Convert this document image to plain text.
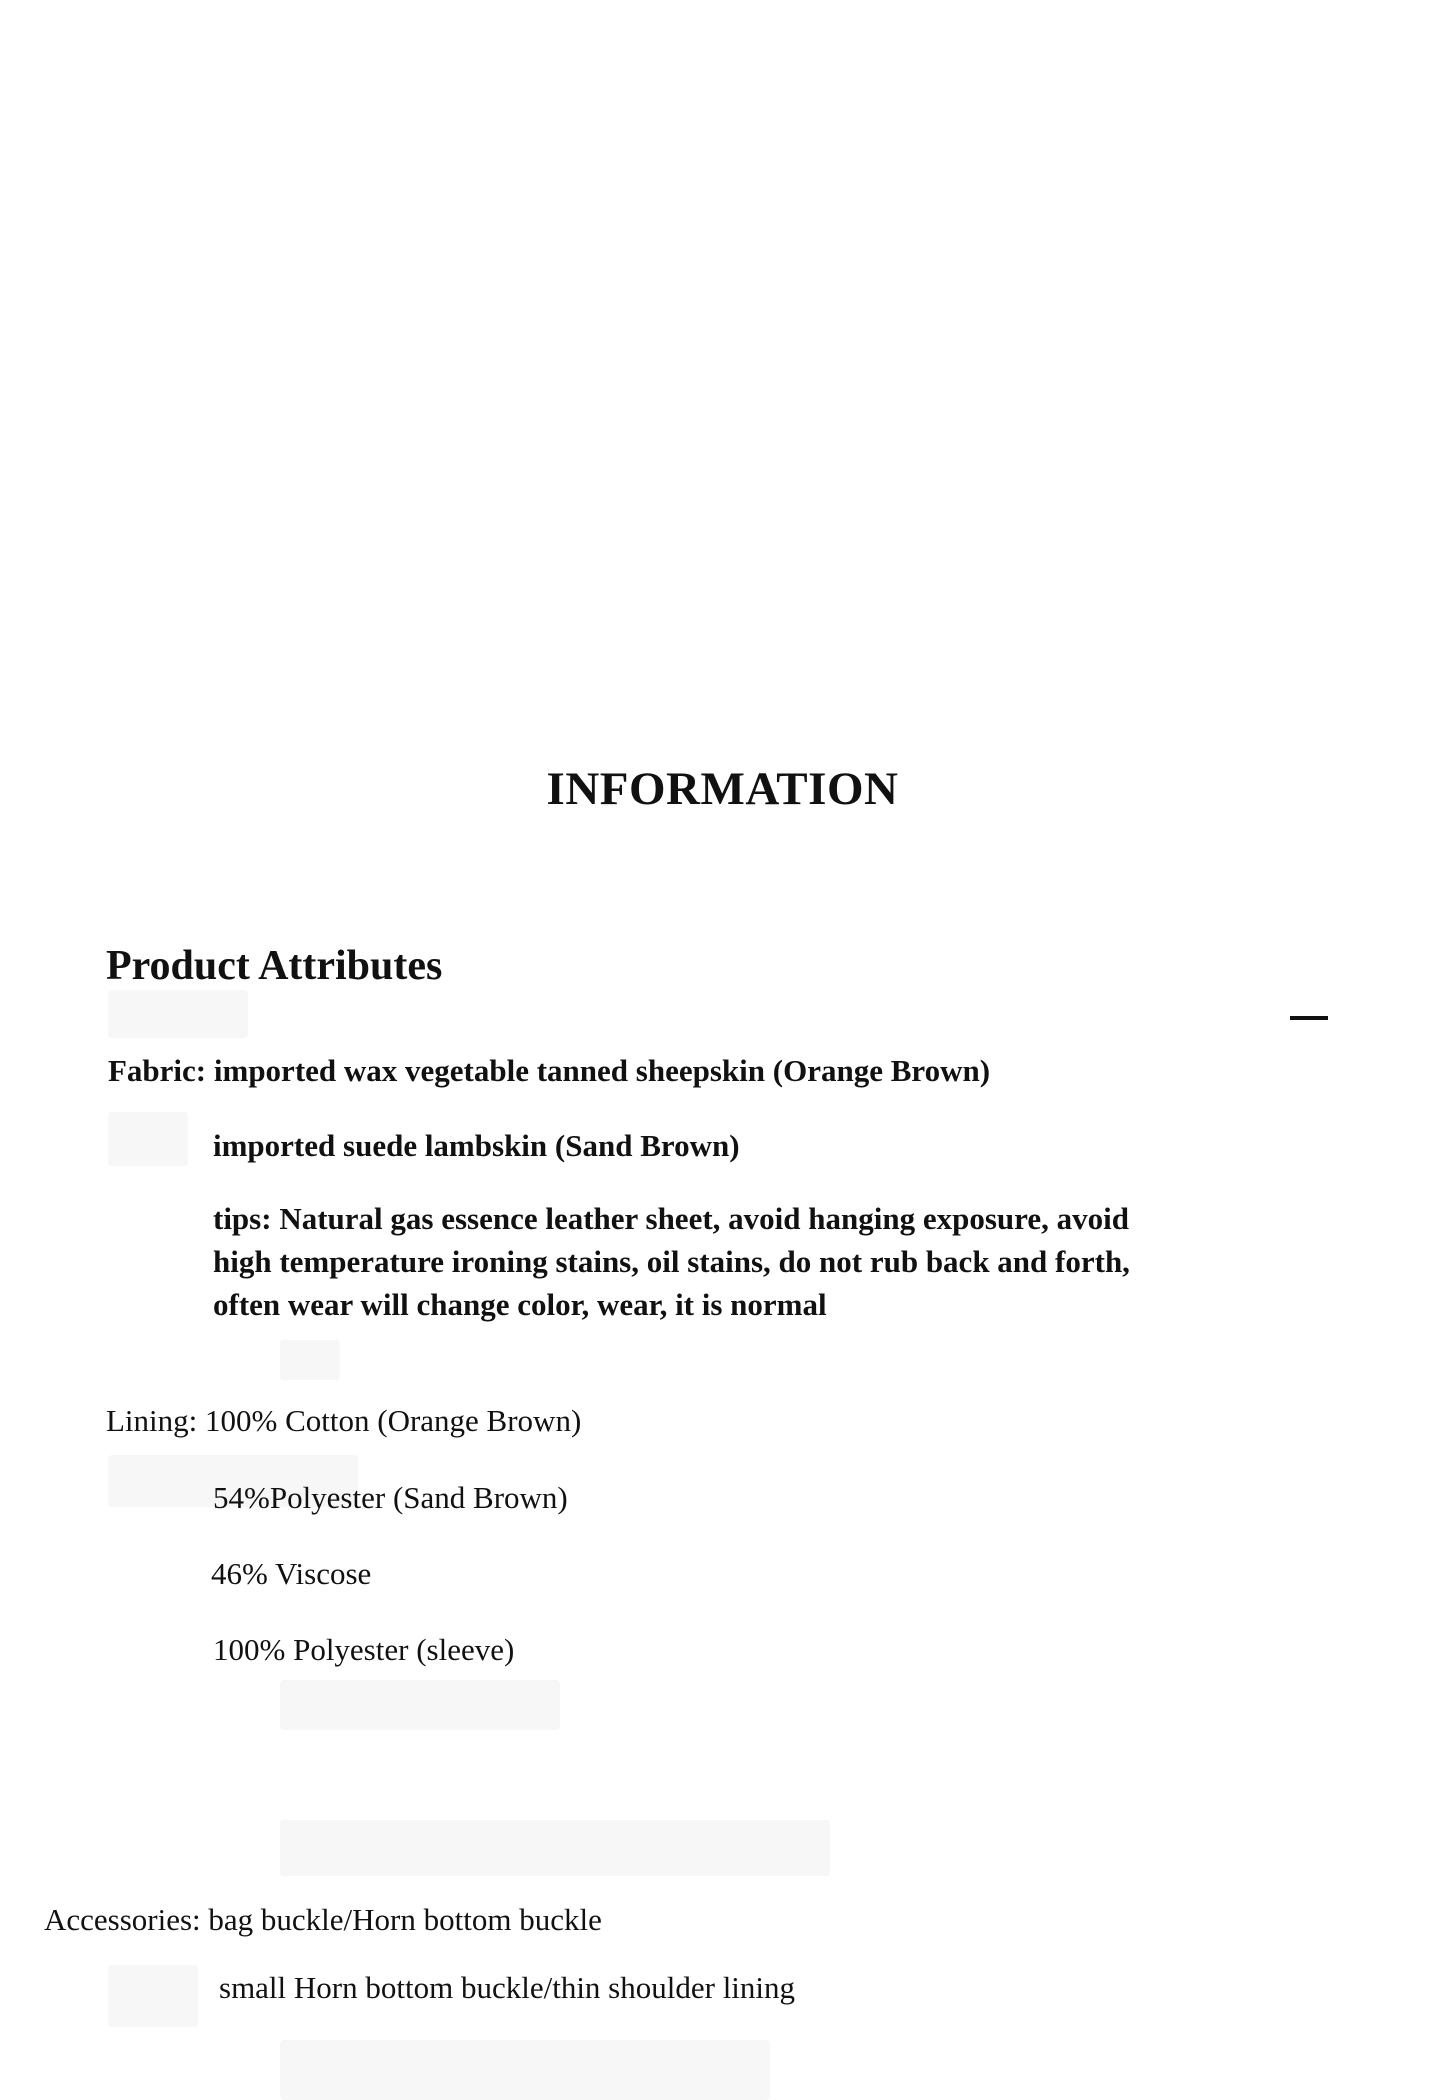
INFORMATION
Product Attributes
Fabric: imported wax vegetable tanned sheepskin (Orange Brown)
imported suede lambskin (Sand Brown)
tips: Natural gas essence leather sheet, avoid hanging exposure, avoid
high temperature ironing stains, oil stains, do not rub back and forth,
often wear will change color, wear, it is normal
Lining: 100% Cotton (Orange Brown)
54%Polyester (Sand Brown)
46% Viscose
100% Polyester (sleeve)
Accessories: bag buckle/Horn bottom buckle
small Horn bottom buckle/thin shoulder lining
